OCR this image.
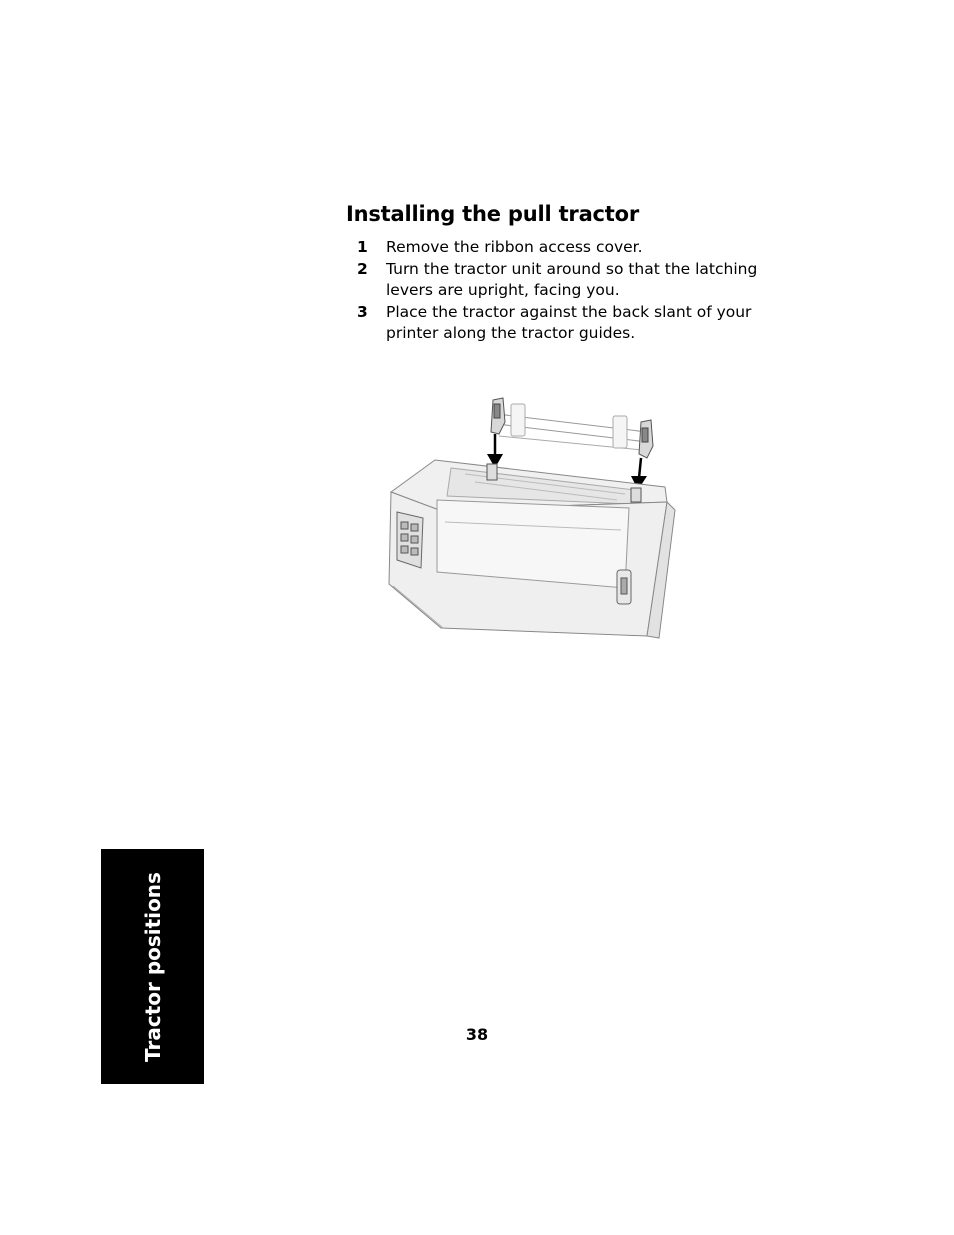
Installing the pull tractor
1 Remove the ribbon access cover.
2 Turn the tractor unit around so that the latching levers are upright, facing you.
3 Place the tractor against the back slant of your printer along the tractor guides.
Tractor positions	38
